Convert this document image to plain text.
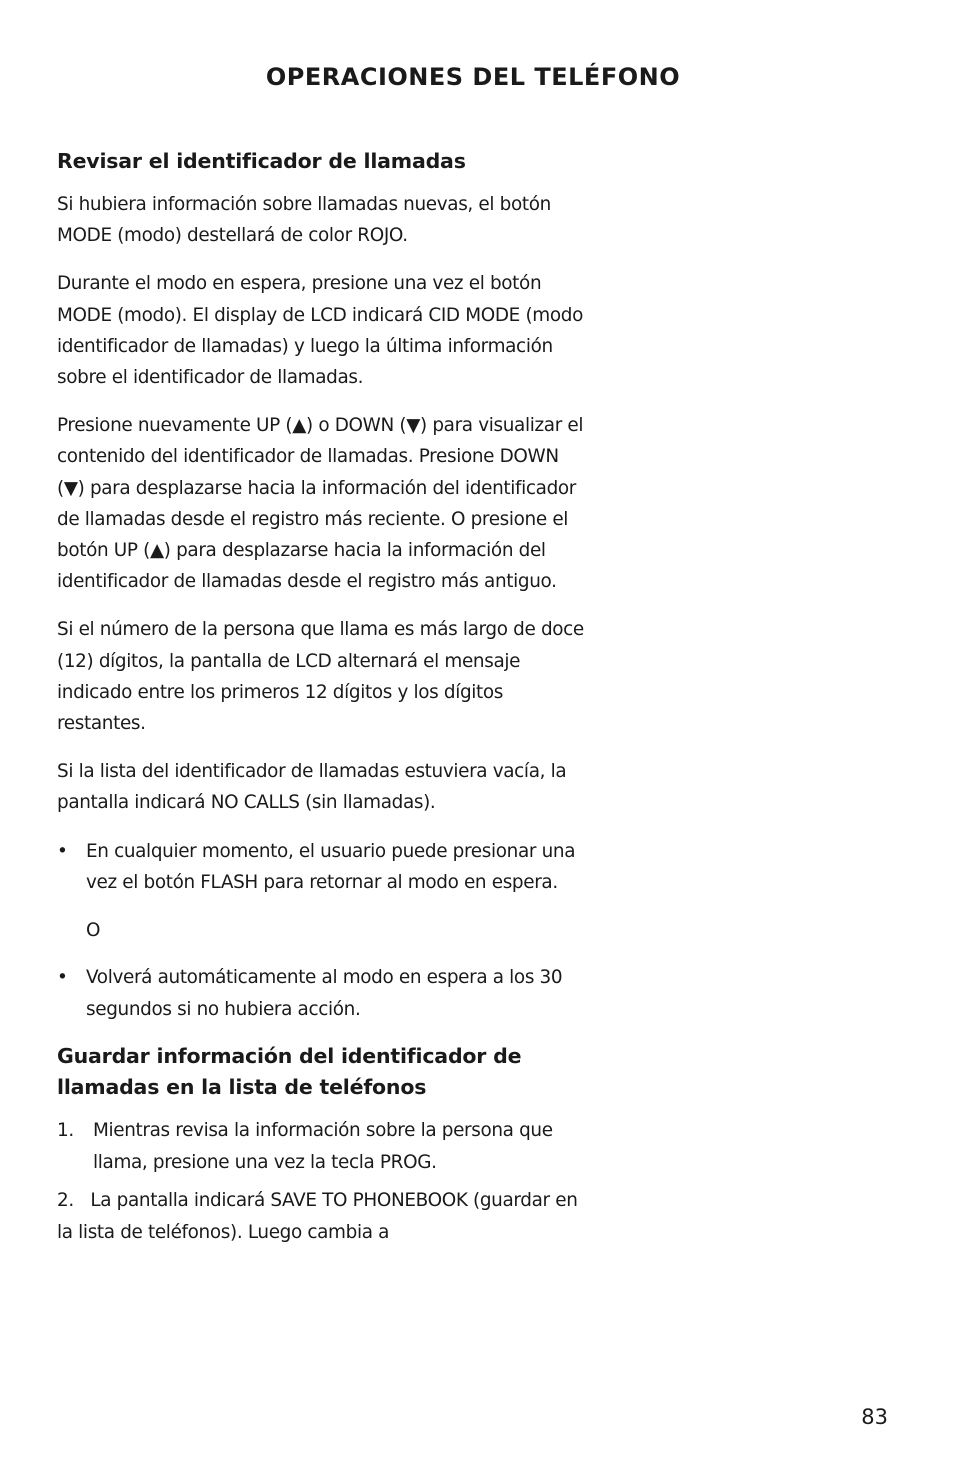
OPERACIONES DEL TELÉFONO
Revisar el identificador de llamadas

Si hubiera información sobre llamadas nuevas, el botón MODE (modo) destellará de color ROJO.

Durante el modo en espera, presione una vez el botón MODE (modo). El display de LCD indicará CID MODE (modo identificador de llamadas) y luego la última información sobre el identificador de llamadas.

Presione nuevamente UP (▲) o DOWN (▼) para visualizar el contenido del identificador de llamadas. Presione DOWN (▼) para desplazarse hacia la información del identificador de llamadas desde el registro más reciente. O presione el botón UP (▲) para desplazarse hacia la información del identificador de llamadas desde el registro más antiguo.

Si el número de la persona que llama es más largo de doce (12) dígitos, la pantalla de LCD alternará el mensaje indicado entre los primeros 12 dígitos y los dígitos restantes.

Si la lista del identificador de llamadas estuviera vacía, la pantalla indicará NO CALLS (sin llamadas).

• En cualquier momento, el usuario puede presionar una vez el botón FLASH para retornar al modo en espera.
O
• Volverá automáticamente al modo en espera a los 30 segundos si no hubiera acción.
Guardar información del identificador de llamadas en la lista de teléfonos
1. Mientras revisa la información sobre la persona que llama, presione una vez la tecla PROG.
2. La pantalla indicará SAVE TO PHONEBOOK (guardar en la lista de teléfonos). Luego cambia a
83
